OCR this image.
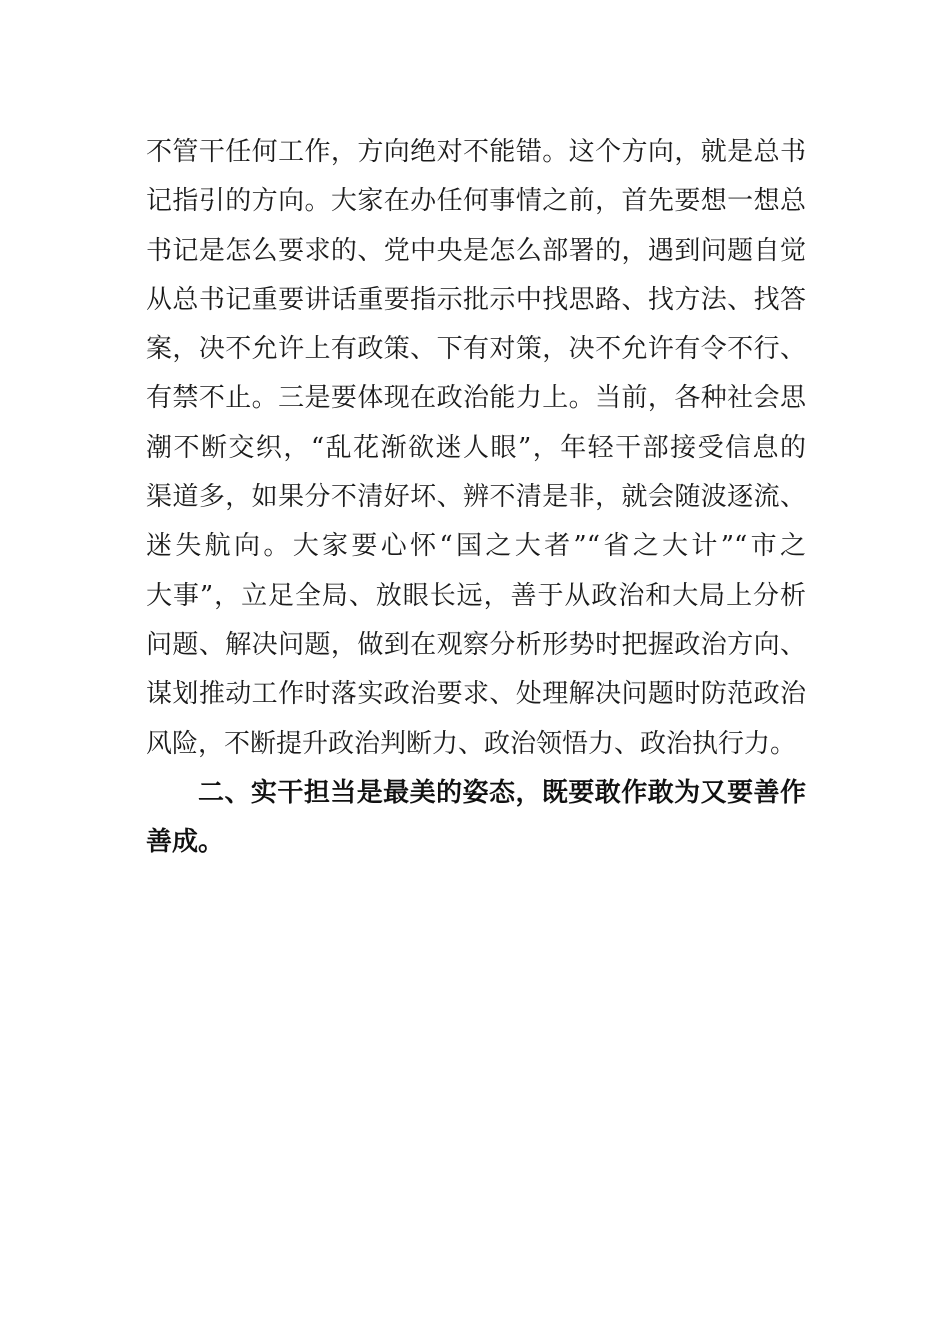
不管干任何工作，方向绝对不能错。这个方向，就是总书
记指引的方向。大家在办任何事情之前，首先要想一想总
书记是怎么要求的、党中央是怎么部署的，遇到问题自觉
从总书记重要讲话重要指示批示中找思路、找方法、找答
案，决不允许上有政策、下有对策，决不允许有令不行、
有禁不止。三是要体现在政治能力上。当前，各种社会思
潮不断交织，“乱花渐欲迷人眼”，年轻干部接受信息的
渠道多，如果分不清好坏、辨不清是非，就会随波逐流、
迷失航向。大家要心怀“国之大者”“省之大计”“市之
大事”，立足全局、放眼长远，善于从政治和大局上分析
问题、解决问题，做到在观察分析形势时把握政治方向、
谋划推动工作时落实政治要求、处理解决问题时防范政治
风险，不断提升政治判断力、政治领悟力、政治执行力。
二、实干担当是最美的姿态，既要敢作敢为又要善作
善成。
